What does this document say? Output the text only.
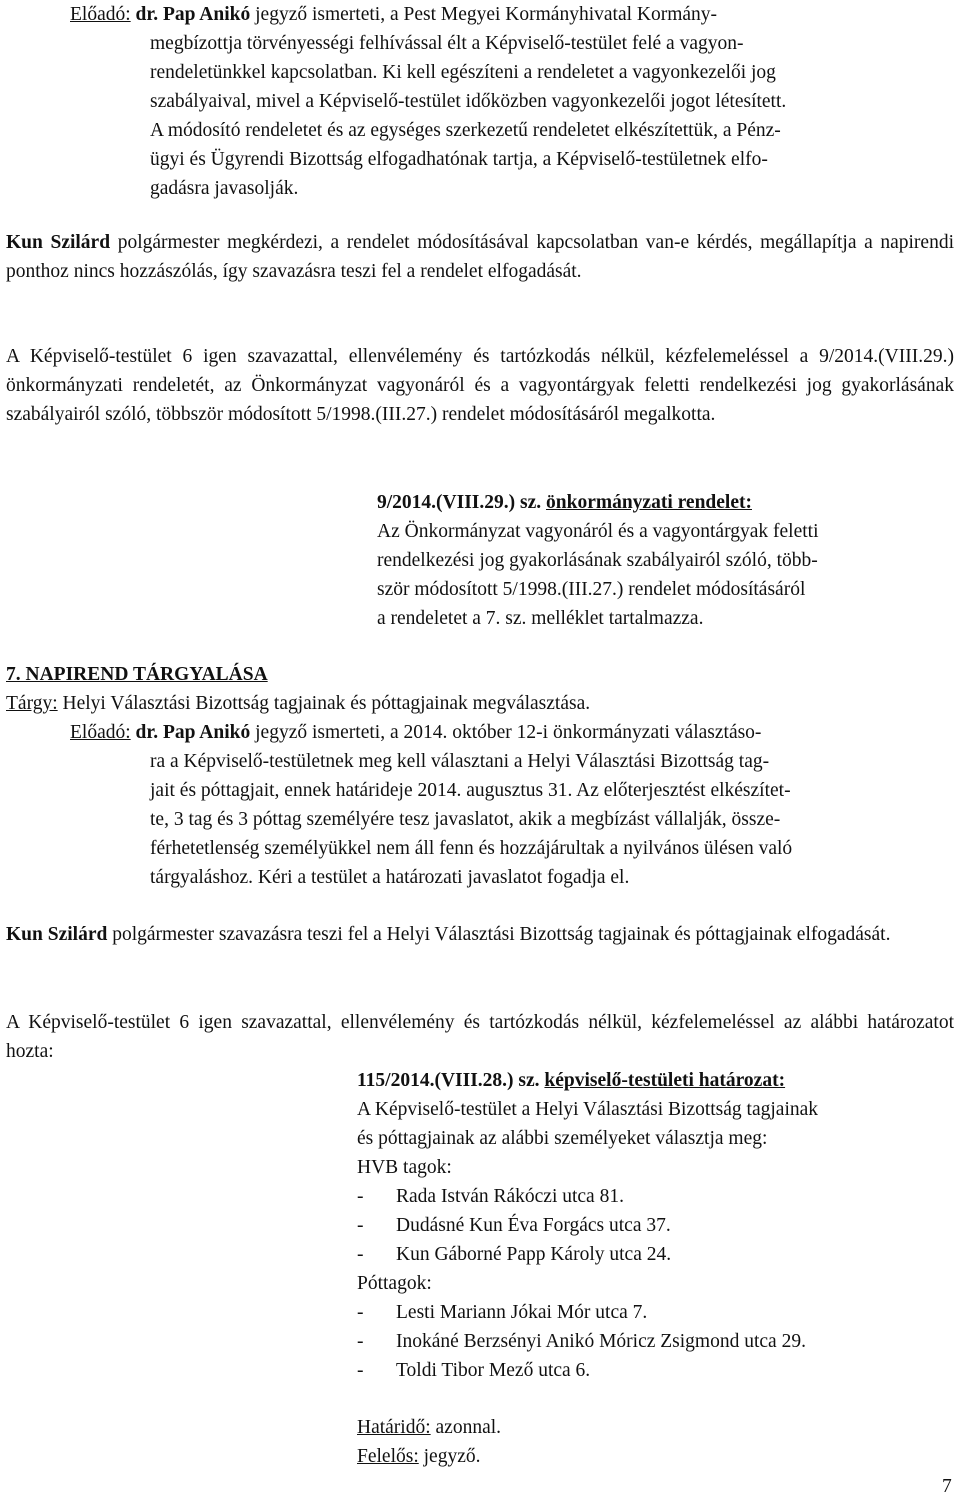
Előadó: dr. Pap Anikó jegyző ismerteti, a Pest Megyei Kormányhivatal Kormány-
megbízottja törvényességi felhívással élt a Képviselő-testület felé a vagyon-
rendeletünkkel kapcsolatban. Ki kell egészíteni a rendeletet a vagyonkezelői jog
szabályaival, mivel a Képviselő-testület időközben vagyonkezelői jogot létesített.
A módosító rendeletet és az egységes szerkezetű rendeletet elkészítettük, a Pénz-
ügyi és Ügyrendi Bizottság elfogadhatónak tartja, a Képviselő-testületnek elfo-
gadásra javasolják.
Kun Szilárd polgármester megkérdezi, a rendelet módosításával kapcsolatban van-e kérdés, megállapítja a napirendi ponthoz nincs hozzászólás, így szavazásra teszi fel a rendelet elfogadását.
A Képviselő-testület 6 igen szavazattal, ellenvélemény és tartózkodás nélkül, kézfelemeléssel a 9/2014.(VIII.29.) önkormányzati rendeletét, az Önkormányzat vagyonáról és a vagyontárgyak feletti rendelkezési jog gyakorlásának szabályairól szóló, többször módosított 5/1998.(III.27.) rendelet módosításáról megalkotta.
9/2014.(VIII.29.) sz. önkormányzati rendelet:
Az Önkormányzat vagyonáról és a vagyontárgyak feletti
rendelkezési jog gyakorlásának szabályairól szóló, több-
ször módosított 5/1998.(III.27.) rendelet módosításáról
a rendeletet a 7. sz. melléklet tartalmazza.
7. NAPIREND TÁRGYALÁSA
Tárgy: Helyi Választási Bizottság tagjainak és póttagjainak megválasztása.
Előadó: dr. Pap Anikó jegyző ismerteti, a 2014. október 12-i önkormányzati választáso-
ra a Képviselő-testületnek meg kell választani a Helyi Választási Bizottság tag-
jait és póttagjait, ennek határideje 2014. augusztus 31. Az előterjesztést elkészítet-
te, 3 tag és 3 póttag személyére tesz javaslatot, akik a megbízást vállalják, össze-
férhetetlenség személyükkel nem áll fenn és hozzájárultak a nyilvános ülésen való
tárgyaláshoz. Kéri a testület a határozati javaslatot fogadja el.
Kun Szilárd polgármester szavazásra teszi fel a Helyi Választási Bizottság tagjainak és póttagjainak elfogadását.
A Képviselő-testület 6 igen szavazattal, ellenvélemény és tartózkodás nélkül, kézfelemeléssel az alábbi határozatot hozta:
115/2014.(VIII.28.) sz. képviselő-testületi határozat:
A Képviselő-testület a Helyi Választási Bizottság tagjainak
és póttagjainak az alábbi személyeket választja meg:
HVB tagok:
- Rada István Rákóczi utca 81.
- Dudásné Kun Éva Forgács utca 37.
- Kun Gáborné Papp Károly utca 24.
Póttagok:
- Lesti Mariann Jókai Mór utca 7.
- Inokáné Berzsényi Anikó Móricz Zsigmond utca 29.
- Toldi Tibor Mező utca 6.
Határidő: azonnal.
Felelős: jegyző.
7
